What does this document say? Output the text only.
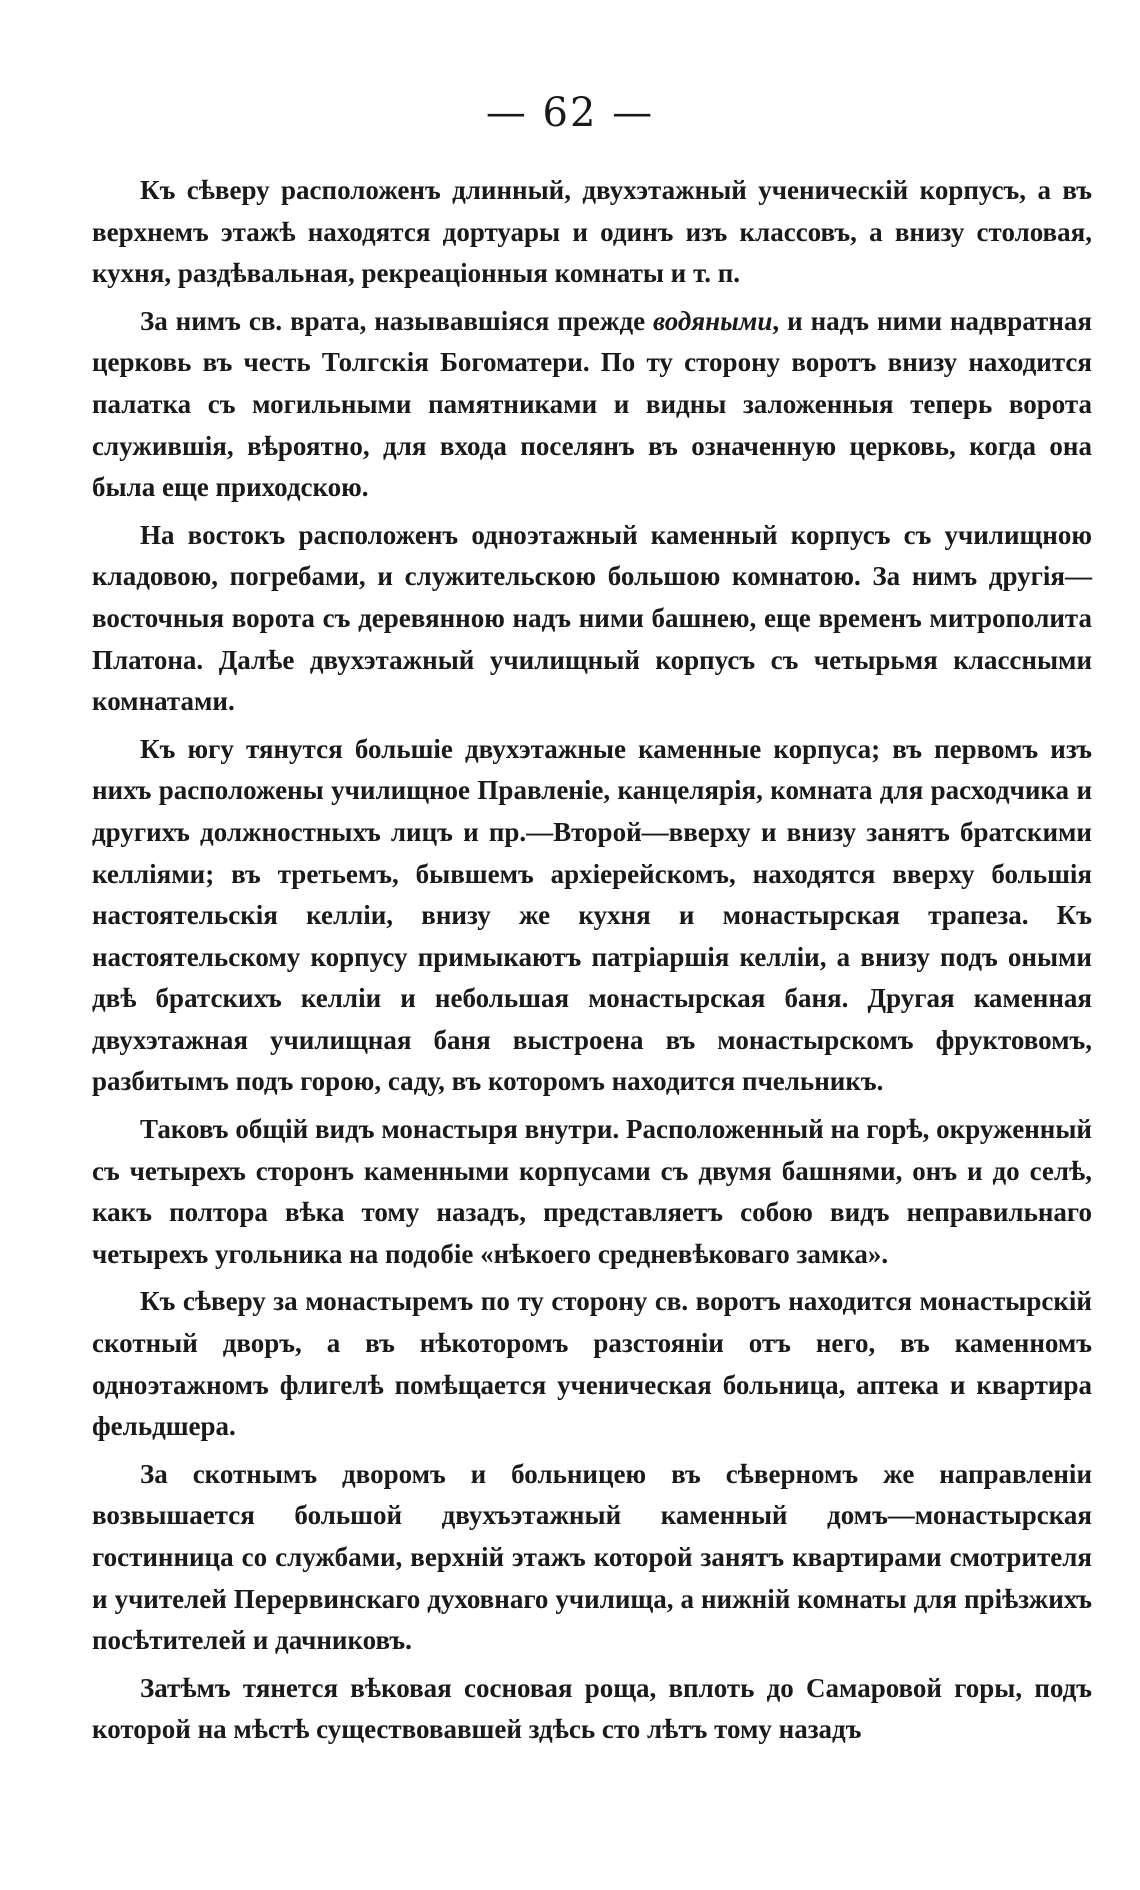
— 62 —

Къ сѣверу расположенъ длинный, двухэтажный ученическій корпусъ, а въ верхнемъ этажѣ находятся дортуары и одинъ изъ классовъ, а внизу столовая, кухня, раздѣвальная, рекреаціонныя комнаты и т. п.

За нимъ св. врата, называвшіяся прежде водяными, и надъ ними надвратная церковь въ честь Толгскія Богоматери. По ту сторону воротъ внизу находится палатка съ могильными памятниками и видны заложенныя теперь ворота служившія, вѣроятно, для входа поселянъ въ означенную церковь, когда она была еще приходскою.

На востокъ расположенъ одноэтажный каменный корпусъ съ училищною кладовою, погребами, и служительскою большою комнатою. За нимъ другія—восточныя ворота съ деревянною надъ ними башнею, еще временъ митрополита Платона. Далѣе двухэтажный училищный корпусъ съ четырьмя классными комнатами.

Къ югу тянутся большіе двухэтажные каменные корпуса; въ первомъ изъ нихъ расположены училищное Правленіе, канцелярія, комната для расходчика и другихъ должностныхъ лицъ и пр.—Второй—вверху и внизу занятъ братскими келліями; въ третьемъ, бывшемъ архіерейскомъ, находятся вверху большія настоятельскія келліи, внизу же кухня и монастырская трапеза. Къ настоятельскому корпусу примыкаютъ патріаршія келліи, а внизу подъ оными двѣ братскихъ келліи и небольшая монастырская баня. Другая каменная двухэтажная училищная баня выстроена въ монастырскомъ фруктовомъ, разбитымъ подъ горою, саду, въ которомъ находится пчельникъ.

Таковъ общій видъ монастыря внутри. Расположенный на горѣ, окруженный съ четырехъ сторонъ каменными корпусами съ двумя башнями, онъ и до селѣ, какъ полтора вѣка тому назадъ, представляетъ собою видъ неправильнаго четырехъ угольника на подобіе «нѣкоего средневѣковаго замка».

Къ сѣверу за монастыремъ по ту сторону св. воротъ находится монастырскій скотный дворъ, а въ нѣкоторомъ разстояніи отъ него, въ каменномъ одноэтажномъ флигелѣ помѣщается ученическая больница, аптека и квартира фельдшера.

За скотнымъ дворомъ и больницею въ сѣверномъ же направленіи возвышается большой двухъэтажный каменный домъ—монастырская гостинница со службами, верхній этажъ которой занятъ квартирами смотрителя и учителей Перервинскаго духовнаго училища, а нижній комнаты для пріѣзжихъ посѣтителей и дачниковъ.

Затѣмъ тянется вѣковая сосновая роща, вплоть до Самаровой горы, подъ которой на мѣстѣ существовавшей здѣсь сто лѣтъ тому назадъ
